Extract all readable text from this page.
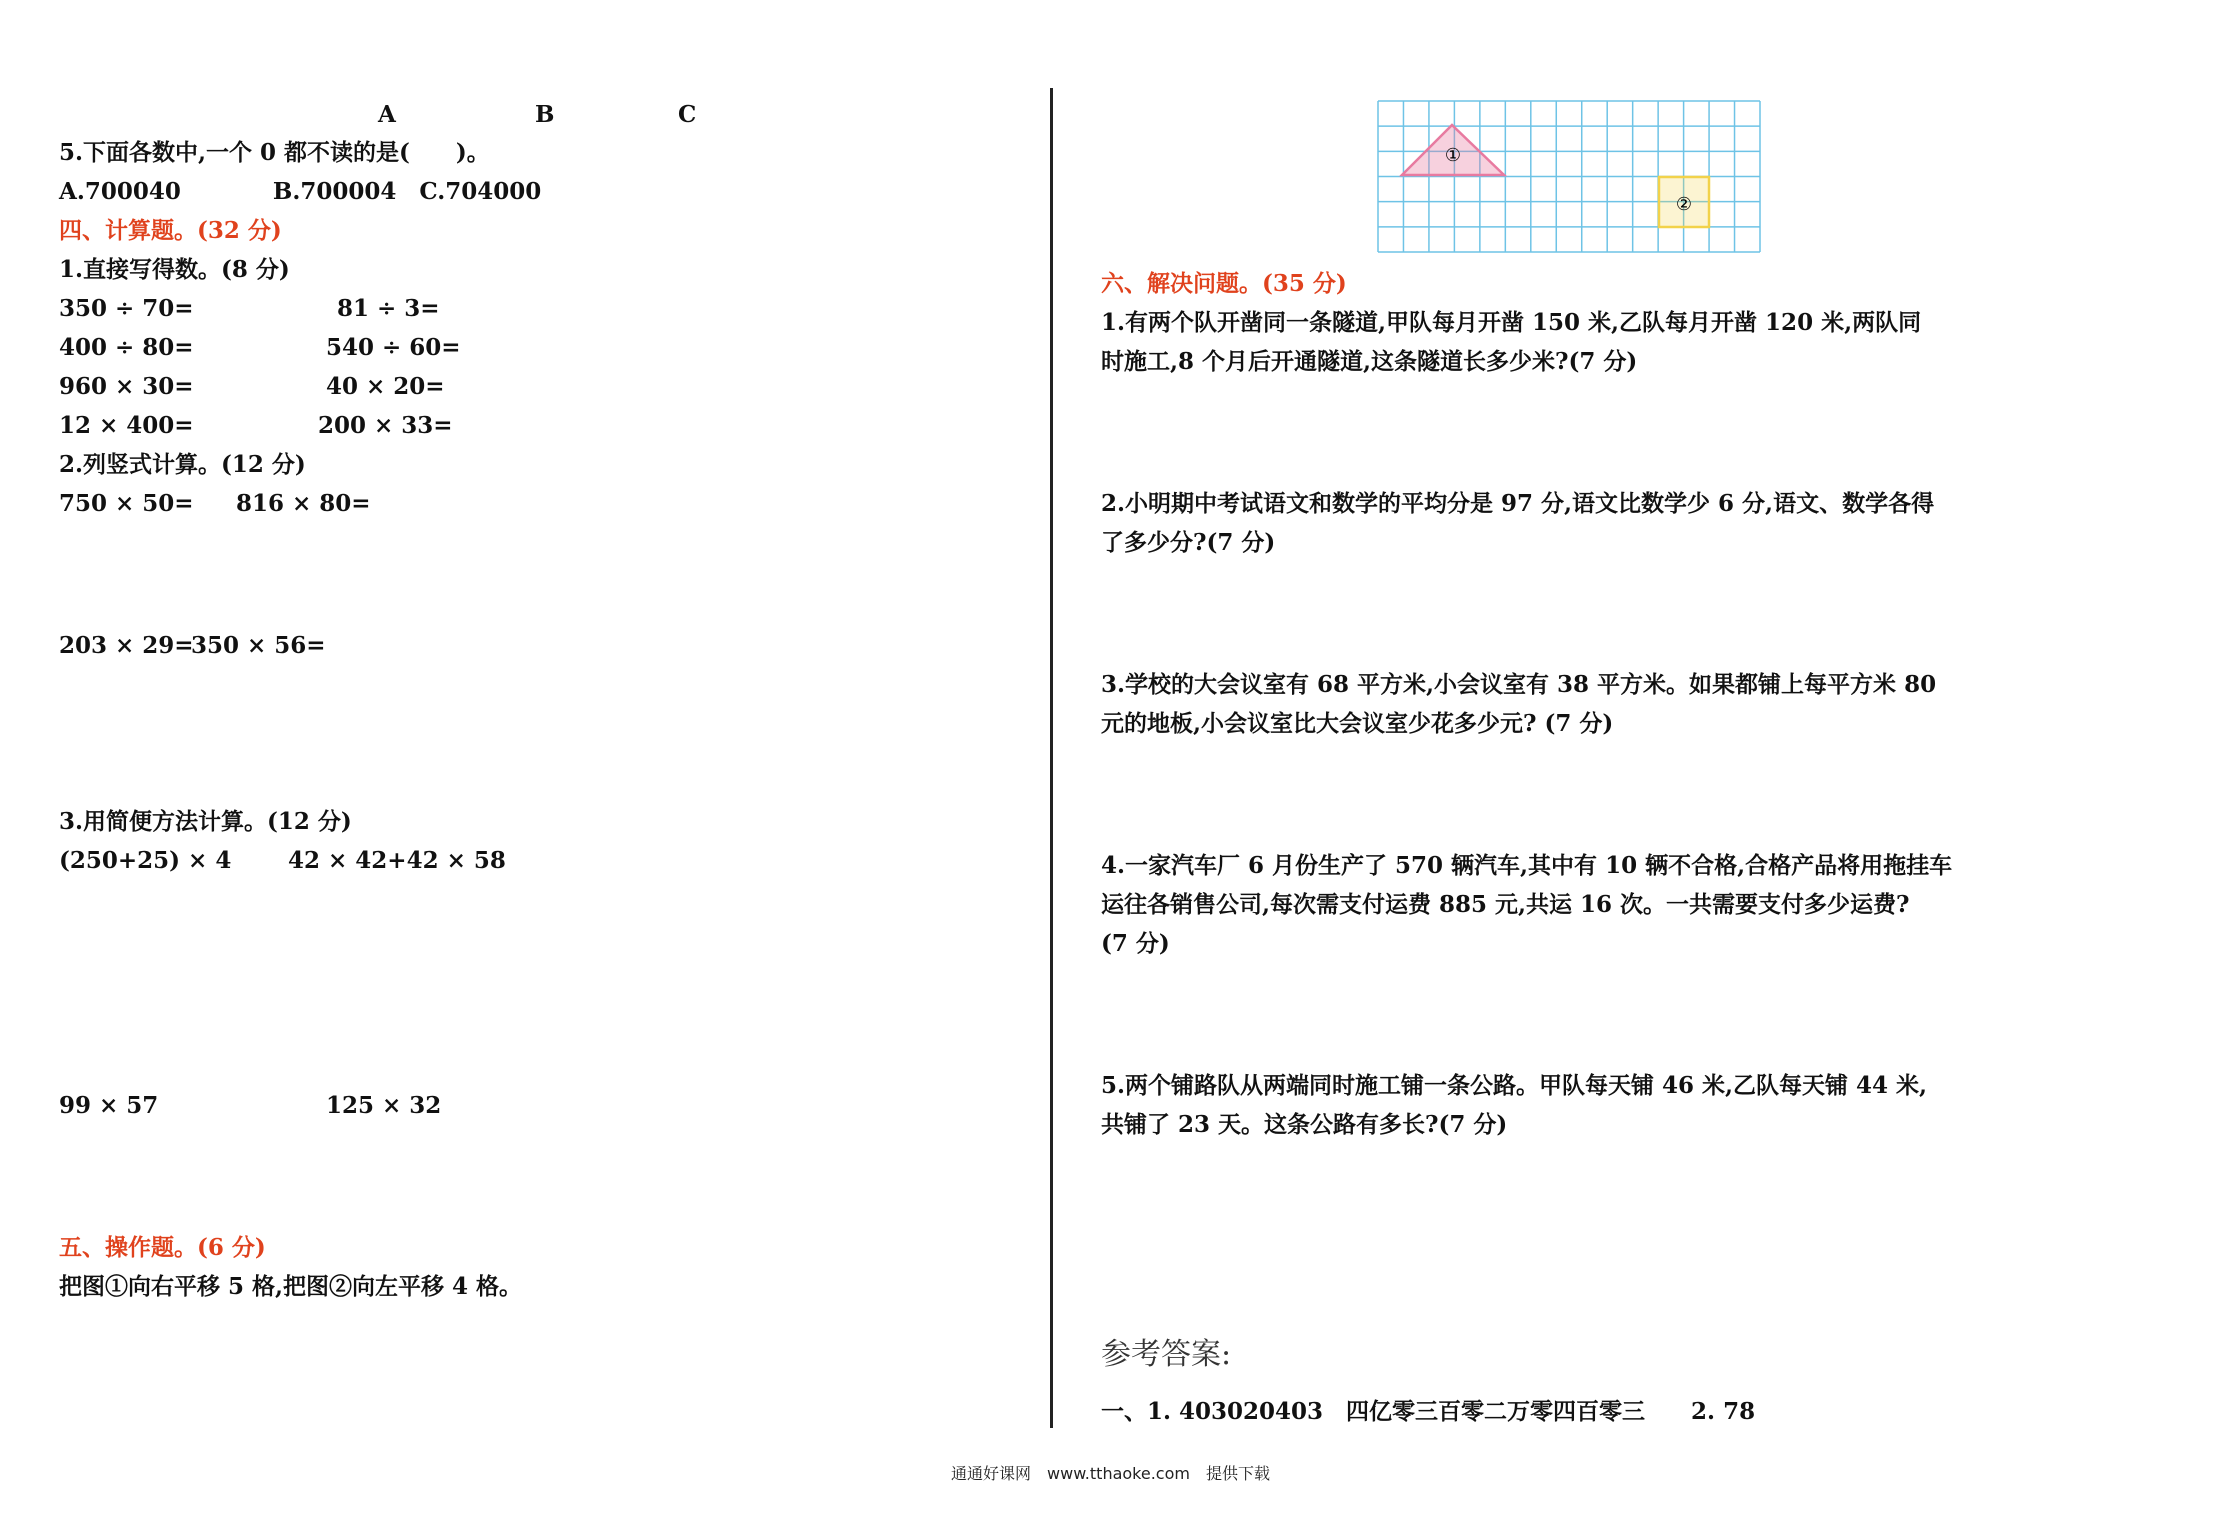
A	B	C
5.下面各数中,一个 0 都不读的是(　　)。
A.700040　　　　B.700004　C.704000
四、计算题。(32 分)
1.直接写得数。(8 分)
350 ÷ 70=	81 ÷ 3=
400 ÷ 80=	540 ÷ 60=
960 × 30=	40 × 20=
12 × 400=	200 × 33=
2.列竖式计算。(12 分)
750 × 50= 816 × 80=
203 × 29=
350 × 56=
3.用简便方法计算。(12 分)
(250+25) × 4 42 × 42+42 × 58
99 × 57	125 × 32
五、操作题。(6 分)
把图①向右平移 5 格,把图②向左平移 4 格。
①
②
六、解决问题。(35 分)
1.有两个队开凿同一条隧道,甲队每月开凿 150 米,乙队每月开凿 120 米,两队同
时施工,8 个月后开通隧道,这条隧道长多少米?(7 分)
2.小明期中考试语文和数学的平均分是 97 分,语文比数学少 6 分,语文、数学各得
了多少分?(7 分)
3.学校的大会议室有 68 平方米,小会议室有 38 平方米。如果都铺上每平方米 80
元的地板,小会议室比大会议室少花多少元? (7 分)
4.一家汽车厂 6 月份生产了 570 辆汽车,其中有 10 辆不合格,合格产品将用拖挂车
运往各销售公司,每次需支付运费 885 元,共运 16 次。一共需要支付多少运费?
(7 分)
5.两个铺路队从两端同时施工铺一条公路。甲队每天铺 46 米,乙队每天铺 44 米,
共铺了 23 天。这条公路有多长?(7 分)
参考答案:
一、1. 403020403　四亿零三百零二万零四百零三　　2. 78
通通好课网　www.tthaoke.com　提供下载
